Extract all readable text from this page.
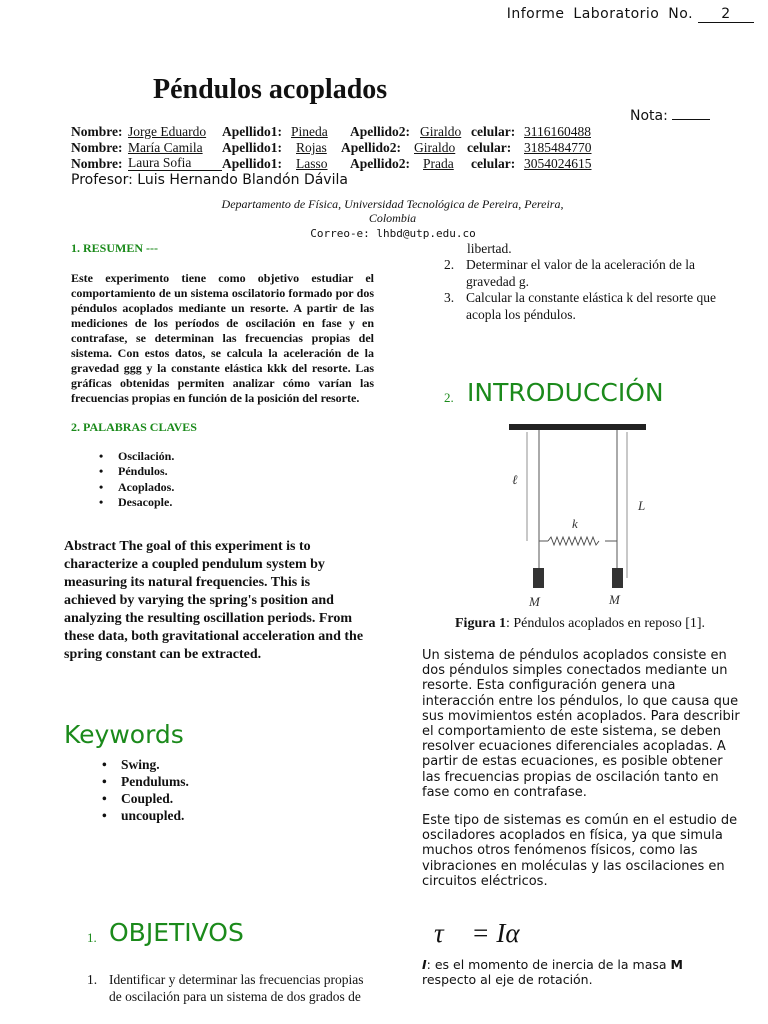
Informe Laboratorio No. 2
Péndulos acoplados
Nota:
Nombre: Jorge Eduardo Apellido1: Pineda Apellido2: Giraldo celular: 3116160488
Nombre: María Camila Apellido1: Rojas Apellido2: Giraldo celular: 3185484770
Nombre: Laura Sofia	Apellido1: Lasso Apellido2: Prada celular: 3054024615
Profesor: Luis Hernando Blandón Dávila
Departamento de Física, Universidad Tecnológica de Pereira, Pereira, Colombia
Correo-e: lhbd@utp.edu.co
1. RESUMEN ---
Este experimento tiene como objetivo estudiar el comportamiento de un sistema oscilatorio formado por dos péndulos acoplados mediante un resorte. A partir de las mediciones de los períodos de oscilación en fase y en contrafase, se determinan las frecuencias propias del sistema. Con estos datos, se calcula la aceleración de la gravedad ggg y la constante elástica kkk del resorte. Las gráficas obtenidas permiten analizar cómo varían las frecuencias propias en función de la posición del resorte.
2. PALABRAS CLAVES
• Oscilación.
• Péndulos.
• Acoplados.
• Desacople.
Abstract The goal of this experiment is to characterize a coupled pendulum system by measuring its natural frequencies. This is achieved by varying the spring's position and analyzing the resulting oscillation periods. From these data, both gravitational acceleration and the spring constant can be extracted.
Keywords
• Swing.
• Pendulums.
• Coupled.
• uncoupled.
1. OBJETIVOS
1. Identificar y determinar las frecuencias propias de oscilación para un sistema de dos grados de
libertad.
2. Determinar el valor de la aceleración de la gravedad g.
3. Calcular la constante elástica k del resorte que acopla los péndulos.
2. INTRODUCCIÓN
ℓ
L
k
M	M
Figura 1: Péndulos acoplados en reposo [1].
Un sistema de péndulos acoplados consiste en dos péndulos simples conectados mediante un resorte. Esta configuración genera una interacción entre los péndulos, lo que causa que sus movimientos estén acoplados. Para describir el comportamiento de este sistema, se deben resolver ecuaciones diferenciales acopladas. A partir de estas ecuaciones, es posible obtener las frecuencias propias de oscilación tanto en fase como en contrafase.
Este tipo de sistemas es común en el estudio de osciladores acoplados en física, ya que simula muchos otros fenómenos físicos, como las vibraciones en moléculas y las oscilaciones en circuitos eléctricos.
τ⃗ = Iα⃗
I: es el momento de inercia de la masa M respecto al eje de rotación.
